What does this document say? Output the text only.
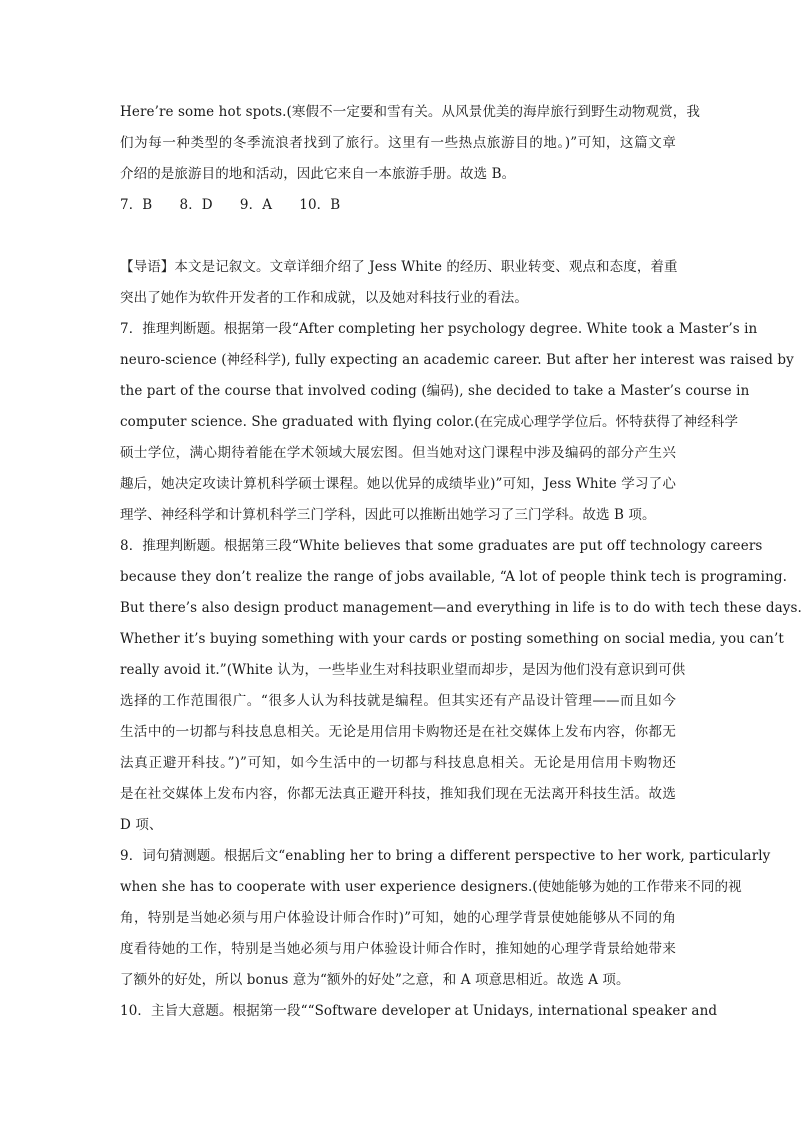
Here’re some hot spots.(寒假不一定要和雪有关。从风景优美的海岸旅行到野生动物观赏，我
们为每一种类型的冬季流浪者找到了旅行。这里有一些热点旅游目的地。)”可知，这篇文章
介绍的是旅游目的地和活动，因此它来自一本旅游手册。故选 B。
7．B　　8．D　　9．A　　10．B
【导语】本文是记叙文。文章详细介绍了 Jess White 的经历、职业转变、观点和态度，着重
突出了她作为软件开发者的工作和成就，以及她对科技行业的看法。
7．推理判断题。根据第一段“After completing her psychology degree. White took a Master’s in
neuro-science (神经科学), fully expecting an academic career. But after her interest was raised by
the part of the course that involved coding (编码), she decided to take a Master’s course in
computer science. She graduated with flying color.(在完成心理学学位后。怀特获得了神经科学
硕士学位，满心期待着能在学术领域大展宏图。但当她对这门课程中涉及编码的部分产生兴
趣后，她决定攻读计算机科学硕士课程。她以优异的成绩毕业)”可知，Jess White 学习了心
理学、神经科学和计算机科学三门学科，因此可以推断出她学习了三门学科。故选 B 项。
8．推理判断题。根据第三段“White believes that some graduates are put off technology careers
because they don’t realize the range of jobs available, “A lot of people think tech is programing.
But there’s also design product management—and everything in life is to do with tech these days.
Whether it’s buying something with your cards or posting something on social media, you can’t
really avoid it.”(White 认为，一些毕业生对科技职业望而却步，是因为他们没有意识到可供
选择的工作范围很广。“很多人认为科技就是编程。但其实还有产品设计管理——而且如今
生活中的一切都与科技息息相关。无论是用信用卡购物还是在社交媒体上发布内容，你都无
法真正避开科技。”)”可知，如今生活中的一切都与科技息息相关。无论是用信用卡购物还
是在社交媒体上发布内容，你都无法真正避开科技，推知我们现在无法离开科技生活。故选
D 项、
9．词句猜测题。根据后文“enabling her to bring a different perspective to her work, particularly
when she has to cooperate with user experience designers.(使她能够为她的工作带来不同的视
角，特别是当她必须与用户体验设计师合作时)”可知，她的心理学背景使她能够从不同的角
度看待她的工作，特别是当她必须与用户体验设计师合作时，推知她的心理学背景给她带来
了额外的好处，所以 bonus 意为“额外的好处”之意，和 A 项意思相近。故选 A 项。
10．主旨大意题。根据第一段““Software developer at Unidays, international speaker and
